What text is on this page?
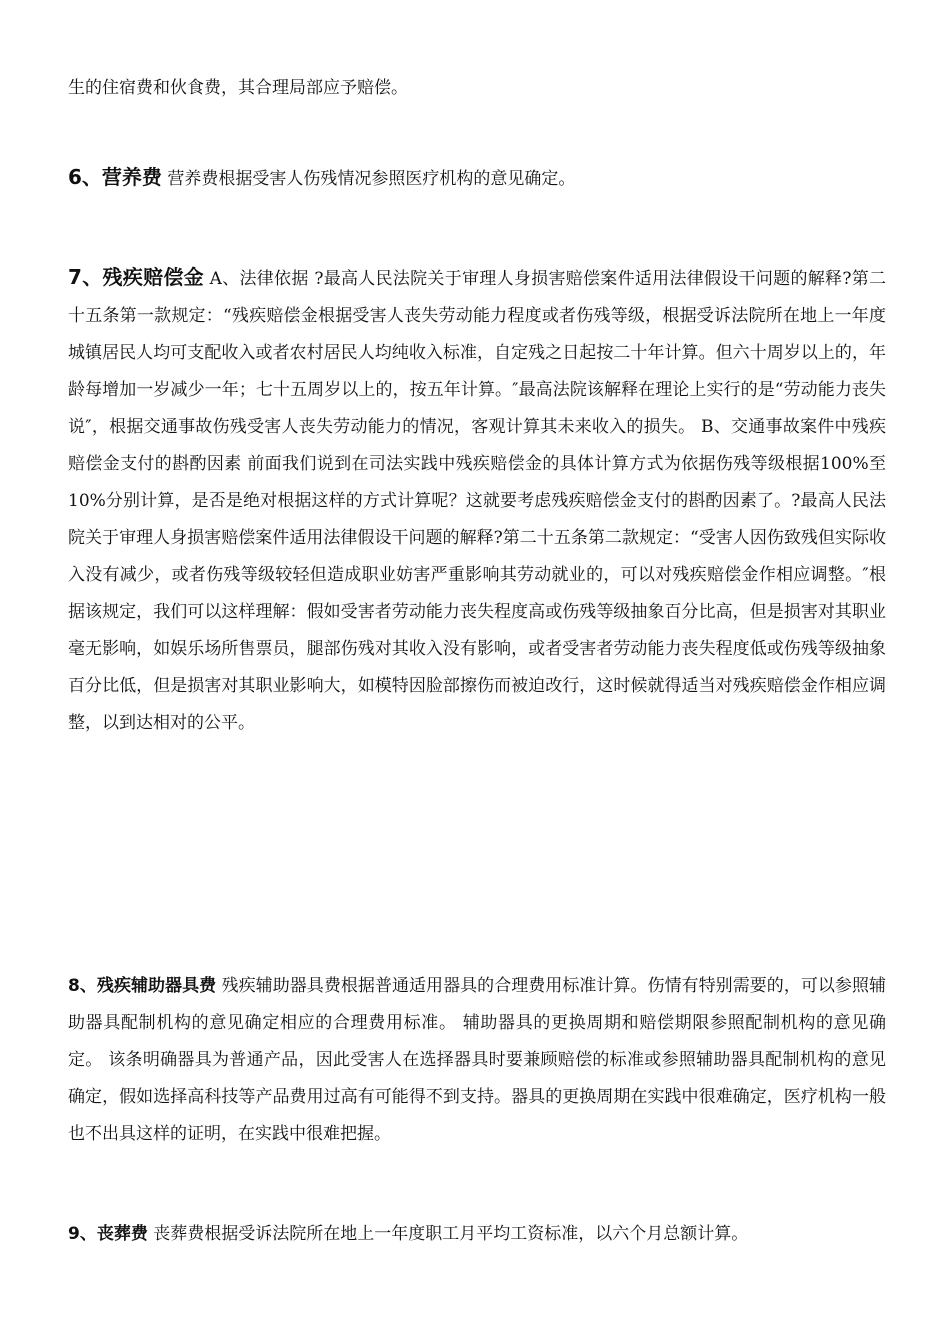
生的住宿费和伙食费，其合理局部应予赔偿。

6、营养费 营养费根据受害人伤残情况参照医疗机构的意见确定。

7、残疾赔偿金 A、法律依据 ?最高人民法院关于审理人身损害赔偿案件适用法律假设干问题的解释?第二十五条第一款规定：“残疾赔偿金根据受害人丧失劳动能力程度或者伤残等级，根据受诉法院所在地上一年度城镇居民人均可支配收入或者农村居民人均纯收入标准，自定残之日起按二十年计算。但六十周岁以上的，年龄每增加一岁减少一年；七十五周岁以上的，按五年计算。″最高法院该解释在理论上实行的是“劳动能力丧失说″，根据交通事故伤残受害人丧失劳动能力的情况，客观计算其未来收入的损失。 B、交通事故案件中残疾赔偿金支付的斟酌因素 前面我们说到在司法实践中残疾赔偿金的具体计算方式为依据伤残等级根据100%至10%分别计算，是否是绝对根据这样的方式计算呢？这就要考虑残疾赔偿金支付的斟酌因素了。?最高人民法院关于审理人身损害赔偿案件适用法律假设干问题的解释?第二十五条第二款规定：“受害人因伤致残但实际收入没有减少，或者伤残等级较轻但造成职业妨害严重影响其劳动就业的，可以对残疾赔偿金作相应调整。″根据该规定，我们可以这样理解：假如受害者劳动能力丧失程度高或伤残等级抽象百分比高，但是损害对其职业毫无影响，如娱乐场所售票员，腿部伤残对其收入没有影响，或者受害者劳动能力丧失程度低或伤残等级抽象百分比低，但是损害对其职业影响大，如模特因脸部擦伤而被迫改行，这时候就得适当对残疾赔偿金作相应调整，以到达相对的公平。

8、残疾辅助器具费 残疾辅助器具费根据普通适用器具的合理费用标准计算。伤情有特别需要的，可以参照辅助器具配制机构的意见确定相应的合理费用标准。 辅助器具的更换周期和赔偿期限参照配制机构的意见确定。 该条明确器具为普通产品，因此受害人在选择器具时要兼顾赔偿的标准或参照辅助器具配制机构的意见确定，假如选择高科技等产品费用过高有可能得不到支持。器具的更换周期在实践中很难确定，医疗机构一般也不出具这样的证明，在实践中很难把握。

9、丧葬费 丧葬费根据受诉法院所在地上一年度职工月平均工资标准，以六个月总额计算。
